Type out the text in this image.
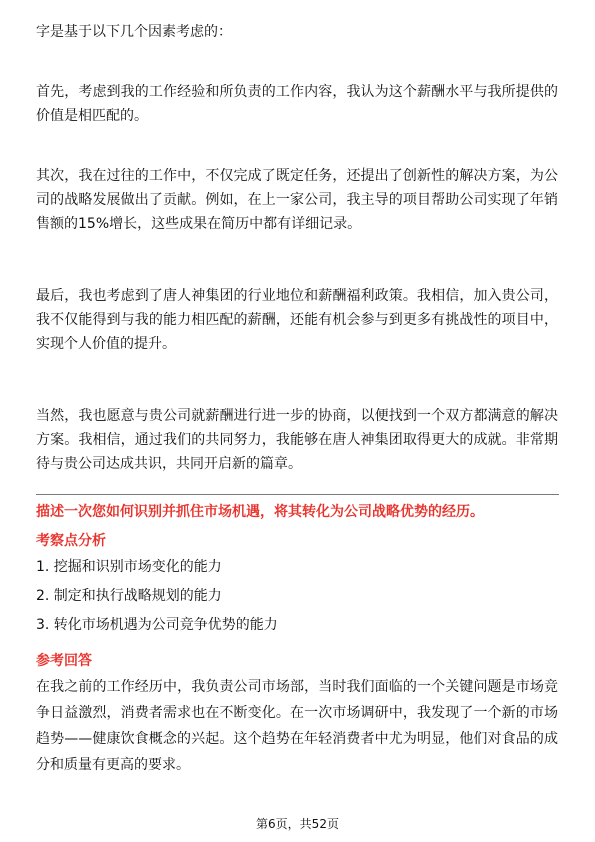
字是基于以下几个因素考虑的：

首先，考虑到我的工作经验和所负责的工作内容，我认为这个薪酬水平与我所提供的价值是相匹配的。

其次，我在过往的工作中，不仅完成了既定任务，还提出了创新性的解决方案，为公司的战略发展做出了贡献。例如，在上一家公司，我主导的项目帮助公司实现了年销售额的15%增长，这些成果在简历中都有详细记录。

最后，我也考虑到了唐人神集团的行业地位和薪酬福利政策。我相信，加入贵公司，我不仅能得到与我的能力相匹配的薪酬，还能有机会参与到更多有挑战性的项目中，实现个人价值的提升。

当然，我也愿意与贵公司就薪酬进行进一步的协商，以便找到一个双方都满意的解决方案。我相信，通过我们的共同努力，我能够在唐人神集团取得更大的成就。非常期待与贵公司达成共识，共同开启新的篇章。

描述一次您如何识别并抓住市场机遇，将其转化为公司战略优势的经历。

考察点分析

1. 挖掘和识别市场变化的能力

2. 制定和执行战略规划的能力

3. 转化市场机遇为公司竞争优势的能力

参考回答

在我之前的工作经历中，我负责公司市场部，当时我们面临的一个关键问题是市场竞争日益激烈，消费者需求也在不断变化。在一次市场调研中，我发现了一个新的市场趋势——健康饮食概念的兴起。这个趋势在年轻消费者中尤为明显，他们对食品的成分和质量有更高的要求。

第6页，共52页
